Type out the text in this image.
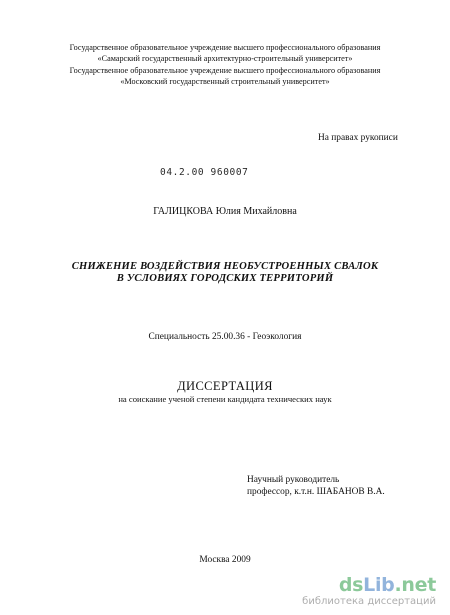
Государственное образовательное учреждение высшего профессионального образования
«Самарский государственный архитектурно-строительный университет»
Государственное образовательное учреждение высшего профессионального образования
«Московский государственный строительный университет»
На правах рукописи
04.2.00 960007
ГАЛИЦКОВА Юлия Михайловна
СНИЖЕНИЕ ВОЗДЕЙСТВИЯ НЕОБУСТРОЕННЫХ СВАЛОК
В УСЛОВИЯХ ГОРОДСКИХ ТЕРРИТОРИЙ
Специальность 25.00.36 - Геоэкология
ДИССЕРТАЦИЯ
на соискание ученой степени кандидата технических наук
Научный руководитель
профессор, к.т.н. ШАБАНОВ В.А.
Москва 2009
dsLib.net
библиотека диссертаций
